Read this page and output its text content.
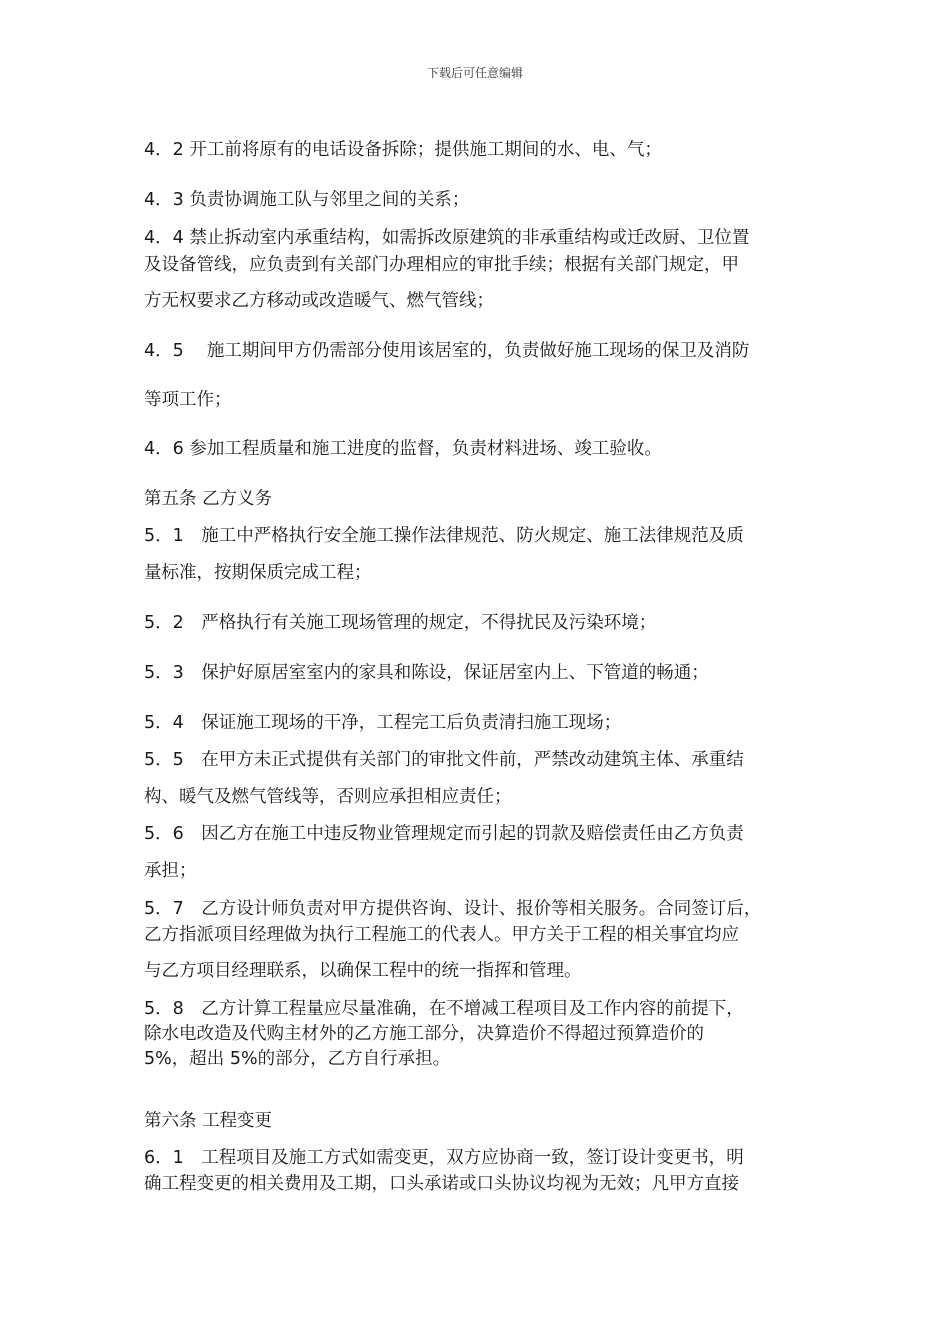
下载后可任意编辑
4．2 开工前将原有的电话设备拆除；提供施工期间的水、电、气；
4．3 负责协调施工队与邻里之间的关系；
4．4 禁止拆动室内承重结构，如需拆改原建筑的非承重结构或迁改厨、卫位置
及设备管线，应负责到有关部门办理相应的审批手续；根据有关部门规定，甲
方无权要求乙方移动或改造暖气、燃气管线；
4．5　 施工期间甲方仍需部分使用该居室的，负责做好施工现场的保卫及消防
等项工作；
4．6 参加工程质量和施工进度的监督，负责材料进场、竣工验收。
第五条 乙方义务
5．1　施工中严格执行安全施工操作法律规范、防火规定、施工法律规范及质
量标准，按期保质完成工程；
5．2　严格执行有关施工现场管理的规定，不得扰民及污染环境；
5．3　保护好原居室室内的家具和陈设，保证居室内上、下管道的畅通；
5．4　保证施工现场的干净，工程完工后负责清扫施工现场；
5．5　在甲方未正式提供有关部门的审批文件前，严禁改动建筑主体、承重结
构、暖气及燃气管线等，否则应承担相应责任；
5．6　因乙方在施工中违反物业管理规定而引起的罚款及赔偿责任由乙方负责
承担；
5．7　乙方设计师负责对甲方提供咨询、设计、报价等相关服务。合同签订后，
乙方指派项目经理做为执行工程施工的代表人。甲方关于工程的相关事宜均应
与乙方项目经理联系，以确保工程中的统一指挥和管理。
5．8　乙方计算工程量应尽量准确，在不增减工程项目及工作内容的前提下，
除水电改造及代购主材外的乙方施工部分，决算造价不得超过预算造价的
5%，超出 5%的部分，乙方自行承担。
第六条 工程变更
6．1　工程项目及施工方式如需变更，双方应协商一致，签订设计变更书，明
确工程变更的相关费用及工期，口头承诺或口头协议均视为无效；凡甲方直接
